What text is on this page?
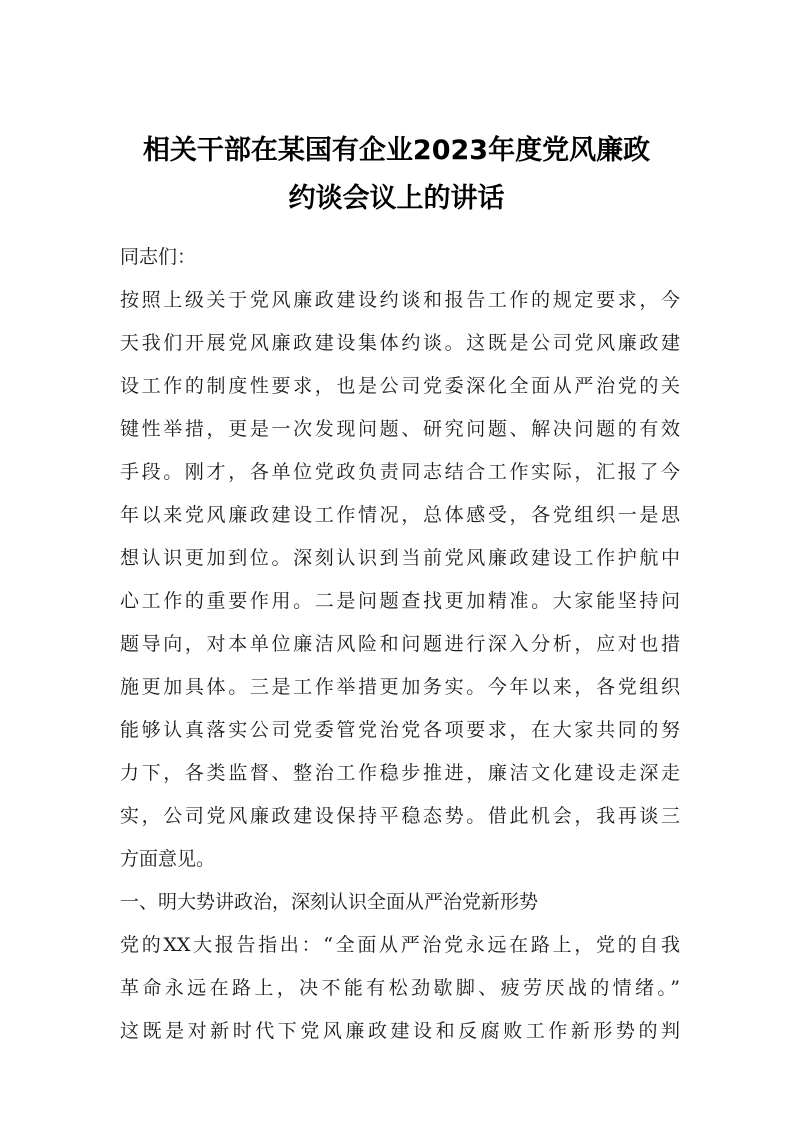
相关干部在某国有企业2023年度党风廉政
约谈会议上的讲话
同志们：
按照上级关于党风廉政建设约谈和报告工作的规定要求，今
天我们开展党风廉政建设集体约谈。这既是公司党风廉政建
设工作的制度性要求，也是公司党委深化全面从严治党的关
键性举措，更是一次发现问题、研究问题、解决问题的有效
手段。刚才，各单位党政负责同志结合工作实际，汇报了今
年以来党风廉政建设工作情况，总体感受，各党组织一是思
想认识更加到位。深刻认识到当前党风廉政建设工作护航中
心工作的重要作用。二是问题查找更加精准。大家能坚持问
题导向，对本单位廉洁风险和问题进行深入分析，应对也措
施更加具体。三是工作举措更加务实。今年以来，各党组织
能够认真落实公司党委管党治党各项要求，在大家共同的努
力下，各类监督、整治工作稳步推进，廉洁文化建设走深走
实，公司党风廉政建设保持平稳态势。借此机会，我再谈三
方面意见。
一、明大势讲政治，深刻认识全面从严治党新形势
党的XX大报告指出：“全面从严治党永远在路上，党的自我
革命永远在路上，决不能有松劲歇脚、疲劳厌战的情绪。”
这既是对新时代下党风廉政建设和反腐败工作新形势的判
